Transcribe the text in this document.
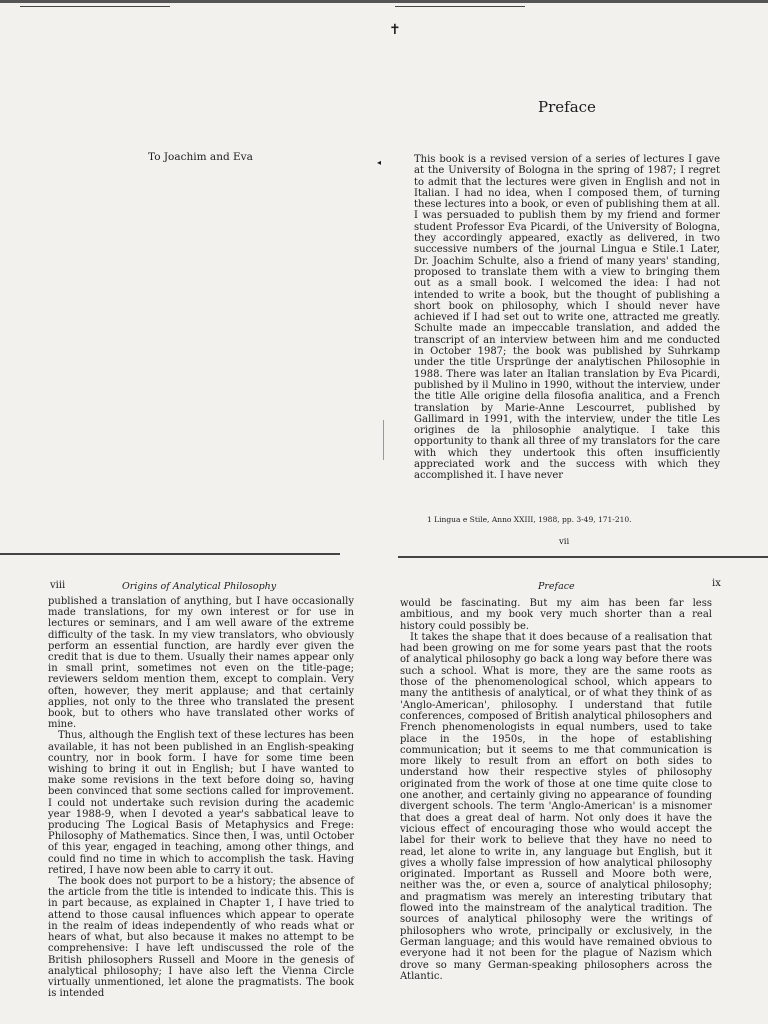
✝
To Joachim and Eva
Preface
◂	This book is a revised version of a series of lectures I gave at the University of Bologna in the spring of 1987; I regret to admit that the lectures were given in English and not in Italian. I had no idea, when I composed them, of turning these lectures into a book, or even of publishing them at all. I was persuaded to publish them by my friend and former student Professor Eva Picardi, of the University of Bologna, they accordingly appeared, exactly as delivered, in two successive numbers of the journal Lingua e Stile.1 Later, Dr. Joachim Schulte, also a friend of many years' standing, proposed to translate them with a view to bringing them out as a small book. I welcomed the idea: I had not intended to write a book, but the thought of publishing a short book on philosophy, which I should never have achieved if I had set out to write one, attracted me greatly. Schulte made an impeccable translation, and added the transcript of an interview between him and me conducted in October 1987; the book was published by Suhrkamp under the title Ursprünge der analytischen Philosophie in 1988. There was later an Italian translation by Eva Picardi, published by il Mulino in 1990, without the interview, under the title Alle origine della filosofia analitica, and a French translation by Marie-Anne Lescourret, published by Gallimard in 1991, with the interview, under the title Les origines de la philosophie analytique. I take this opportunity to thank all three of my translators for the care with which they undertook this often insufficiently appreciated work and the success with which they accomplished it. I have never

1 Lingua e Stile, Anno XXIII, 1988, pp. 3-49, 171-210.
vii
viii	Origins of Analytical Philosophy

published a translation of anything, but I have occasionally made translations, for my own interest or for use in lectures or seminars, and I am well aware of the extreme difficulty of the task. In my view translators, who obviously perform an essential function, are hardly ever given the credit that is due to them. Usually their names appear only in small print, sometimes not even on the title-page; reviewers seldom mention them, except to complain. Very often, however, they merit applause; and that certainly applies, not only to the three who translated the present book, but to others who have translated other works of mine.

Thus, although the English text of these lectures has been available, it has not been published in an English-speaking country, nor in book form. I have for some time been wishing to bring it out in English; but I have wanted to make some revisions in the text before doing so, having been convinced that some sections called for improvement. I could not undertake such revision during the academic year 1988-9, when I devoted a year's sabbatical leave to producing The Logical Basis of Metaphysics and Frege: Philosophy of Mathematics. Since then, I was, until October of this year, engaged in teaching, among other things, and could find no time in which to accomplish the task. Having retired, I have now been able to carry it out.

The book does not purport to be a history; the absence of the article from the title is intended to indicate this. This is in part because, as explained in Chapter 1, I have tried to attend to those causal influences which appear to operate in the realm of ideas independently of who reads what or hears of what, but also because it makes no attempt to be comprehensive: I have left undiscussed the role of the British philosophers Russell and Moore in the genesis of analytical philosophy; I have also left the Vienna Circle virtually unmentioned, let alone the pragmatists. The book is intended

Preface	ix

would be fascinating. But my aim has been far less ambitious, and my book very much shorter than a real history could possibly be.

It takes the shape that it does because of a realisation that had been growing on me for some years past that the roots of analytical philosophy go back a long way before there was such a school. What is more, they are the same roots as those of the phenomenological school, which appears to many the antithesis of analytical, or of what they think of as 'Anglo-American', philosophy. I understand that futile conferences, composed of British analytical philosophers and French phenomenologists in equal numbers, used to take place in the 1950s, in the hope of establishing communication; but it seems to me that communication is more likely to result from an effort on both sides to understand how their respective styles of philosophy originated from the work of those at one time quite close to one another, and certainly giving no appearance of founding divergent schools. The term 'Anglo-American' is a misnomer that does a great deal of harm. Not only does it have the vicious effect of encouraging those who would accept the label for their work to believe that they have no need to read, let alone to write in, any language but English, but it gives a wholly false impression of how analytical philosophy originated. Important as Russell and Moore both were, neither was the, or even a, source of analytical philosophy; and pragmatism was merely an interesting tributary that flowed into the mainstream of the analytical tradition. The sources of analytical philosophy were the writings of philosophers who wrote, principally or exclusively, in the German language; and this would have remained obvious to everyone had it not been for the plague of Nazism which drove so many German-speaking philosophers across the Atlantic.
